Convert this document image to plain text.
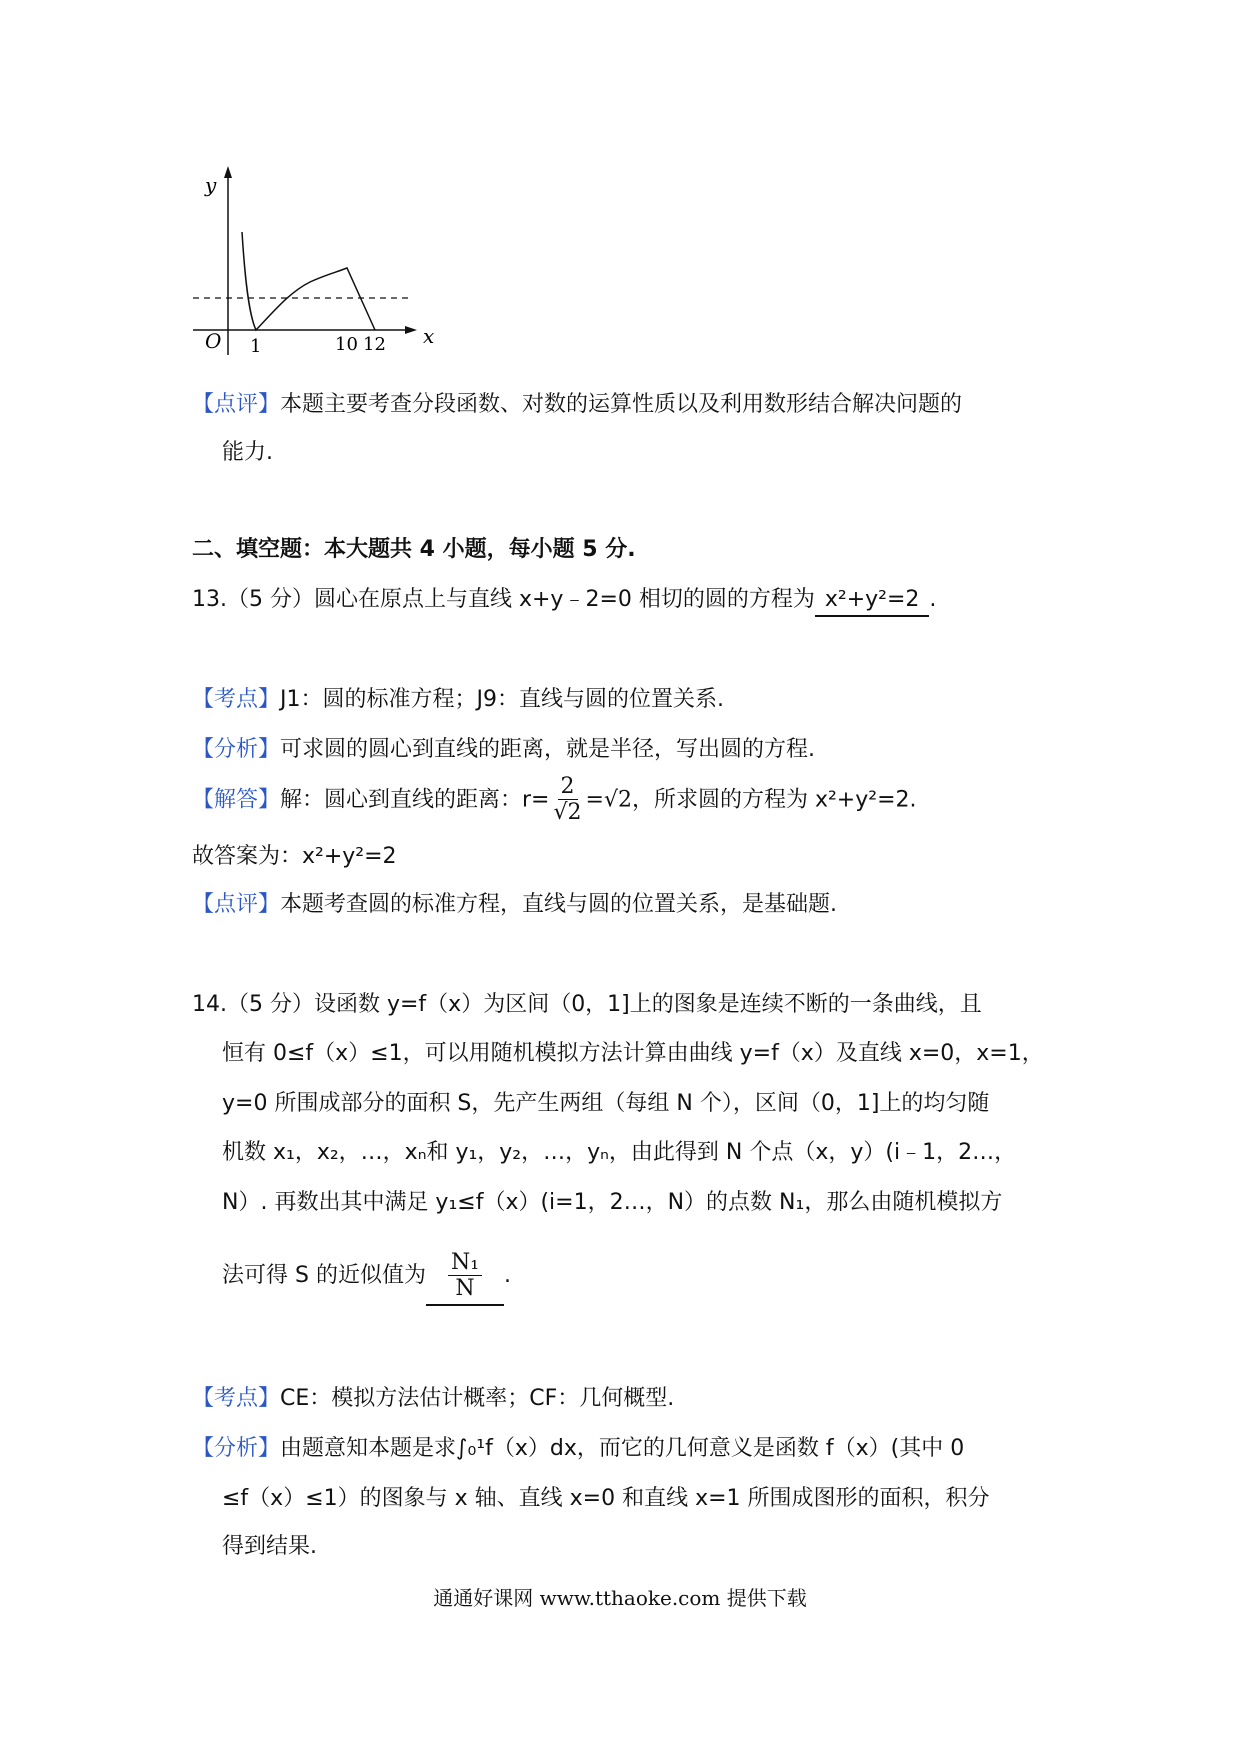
y
x
O 1	10 12
【点评】本题主要考查分段函数、对数的运算性质以及利用数形结合解决问题的
能力.
二、填空题：本大题共 4 小题，每小题 5 分.
13.（5 分）圆心在原点上与直线 x+y﹣2=0 相切的圆的方程为 x²+y²=2 .
【考点】J1：圆的标准方程；J9：直线与圆的位置关系.
【分析】可求圆的圆心到直线的距离，就是半径，写出圆的方程.
【解答】解：圆心到直线的距离：$r= \frac{2}{√2} =√2$，所求圆的方程为 x²+y²=2.
故答案为：x²+y²=2
【点评】本题考查圆的标准方程，直线与圆的位置关系，是基础题.
14.（5 分）设函数 y=f（x）为区间（0，1]上的图象是连续不断的一条曲线，且
恒有 0≤f（x）≤1，可以用随机模拟方法计算由曲线 y=f（x）及直线 x=0，x=1，
y=0 所围成部分的面积 S，先产生两组（每组 N 个），区间（0，1]上的均匀随
机数 x₁，x₂，…，xₙ和 y₁，y₂，…，yₙ，由此得到 N 个点（x，y）(i﹣1，2…，
N）. 再数出其中满足 y₁≤f（x）(i=1，2…，N）的点数 N₁，那么由随机模拟方
法可得 S 的近似值为 $\frac{\text{N₁}}{N}$ .
【考点】CE：模拟方法估计概率；CF：几何概型.
【分析】由题意知本题是求∫₀¹f（x）dx，而它的几何意义是函数 f（x）(其中 0
≤f（x）≤1）的图象与 x 轴、直线 x=0 和直线 x=1 所围成图形的面积，积分
得到结果.
通通好课网 www.tthaoke.com 提供下载
